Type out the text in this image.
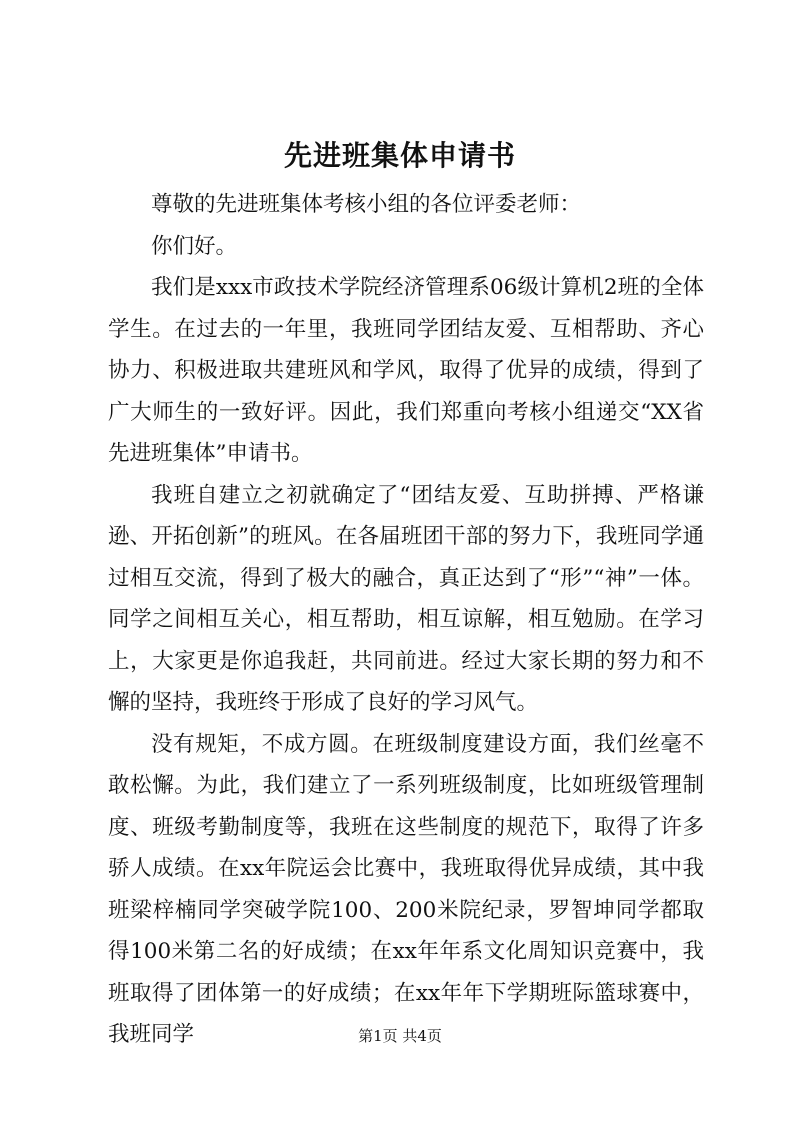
先进班集体申请书

尊敬的先进班集体考核小组的各位评委老师：

你们好。

我们是xxx市政技术学院经济管理系06级计算机2班的全体学生。在过去的一年里，我班同学团结友爱、互相帮助、齐心协力、积极进取共建班风和学风，取得了优异的成绩，得到了广大师生的一致好评。因此，我们郑重向考核小组递交“XX省先进班集体”申请书。

我班自建立之初就确定了“团结友爱、互助拼搏、严格谦逊、开拓创新”的班风。在各届班团干部的努力下，我班同学通过相互交流，得到了极大的融合，真正达到了“形”“神”一体。同学之间相互关心，相互帮助，相互谅解，相互勉励。在学习上，大家更是你追我赶，共同前进。经过大家长期的努力和不懈的坚持，我班终于形成了良好的学习风气。

没有规矩，不成方圆。在班级制度建设方面，我们丝毫不敢松懈。为此，我们建立了一系列班级制度，比如班级管理制度、班级考勤制度等，我班在这些制度的规范下，取得了许多骄人成绩。在xx年院运会比赛中，我班取得优异成绩，其中我班梁梓楠同学突破学院100、200米院纪录，罗智坤同学都取得100米第二名的好成绩；在xx年年系文化周知识竞赛中，我班取得了团体第一的好成绩；在xx年年下学期班际篮球赛中，我班同学	第1页 共4页
